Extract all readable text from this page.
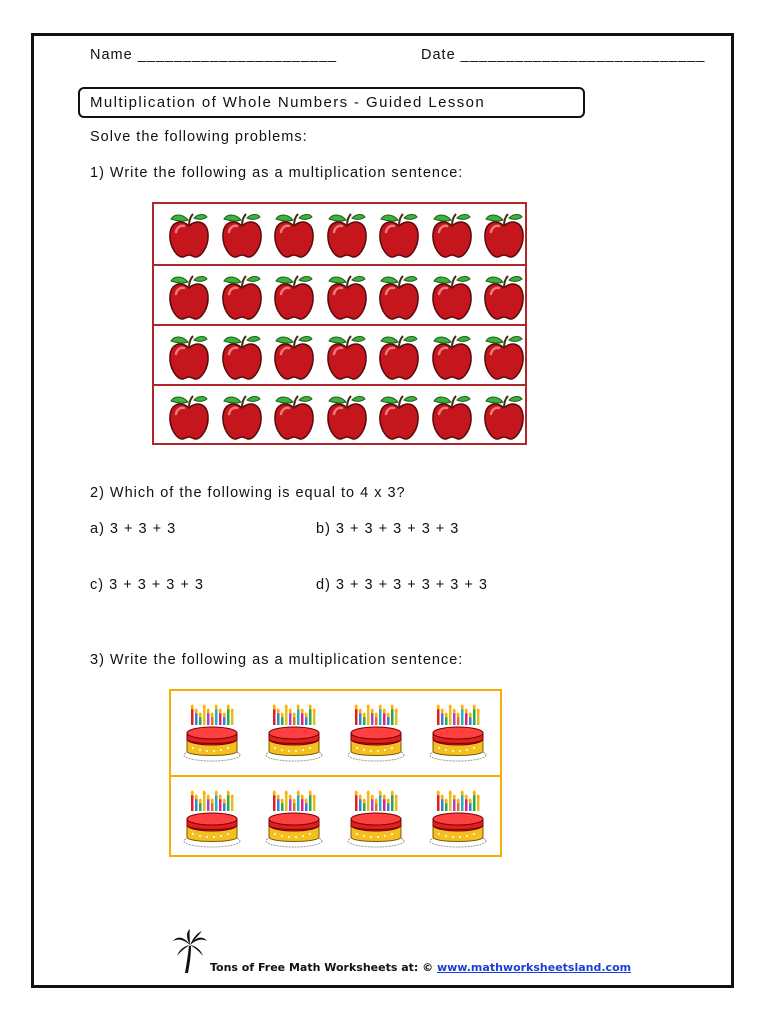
Name ______________________	Date ___________________________
Multiplication of Whole Numbers - Guided Lesson
Solve the following problems:
1) Write the following as a multiplication sentence:
2) Which of the following is equal to 4 x 3?
a) 3 + 3 + 3	b) 3 + 3 + 3 + 3 + 3
c) 3 + 3 + 3 + 3	d) 3 + 3 + 3 + 3 + 3 + 3
3) Write the following as a multiplication sentence:
Tons of Free Math Worksheets at: © www.mathworksheetsland.com
